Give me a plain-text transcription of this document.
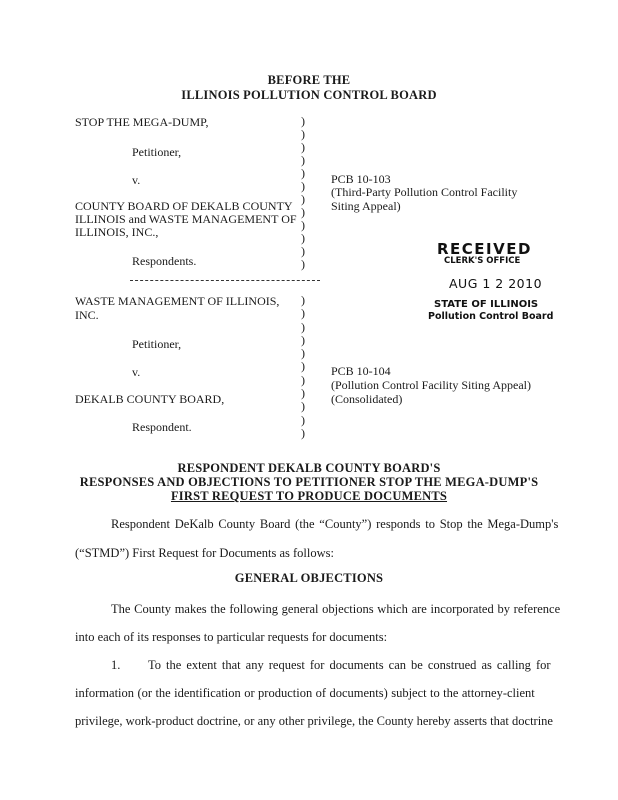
BEFORE THE
ILLINOIS POLLUTION CONTROL BOARD
STOP THE MEGA-DUMP,
Petitioner,
v.
COUNTY BOARD OF DEKALB COUNTY
ILLINOIS and WASTE MANAGEMENT OF
ILLINOIS, INC.,
Respondents.
PCB 10-103
(Third-Party Pollution Control Facility
Siting Appeal)
)
)
)
)
)
)
)
)
)
)
)
)
RECEIVED
CLERK'S OFFICE
AUG 1 2 2010
STATE OF ILLINOIS
Pollution Control Board
WASTE MANAGEMENT OF ILLINOIS,
INC.
Petitioner,
v.
DEKALB COUNTY BOARD,
Respondent.
PCB 10-104
(Pollution Control Facility Siting Appeal)
(Consolidated)
)
)
)
)
)
)
)
)
)
)
)
RESPONDENT DEKALB COUNTY BOARD'S
RESPONSES AND OBJECTIONS TO PETITIONER STOP THE MEGA-DUMP'S
FIRST REQUEST TO PRODUCE DOCUMENTS
Respondent DeKalb County Board (the “County”) responds to Stop the Mega-Dump's
(“STMD”) First Request for Documents as follows:
GENERAL OBJECTIONS
The County makes the following general objections which are incorporated by reference
into each of its responses to particular requests for documents:
1. To the extent that any request for documents can be construed as calling for
information (or the identification or production of documents) subject to the attorney-client
privilege, work-product doctrine, or any other privilege, the County hereby asserts that doctrine
